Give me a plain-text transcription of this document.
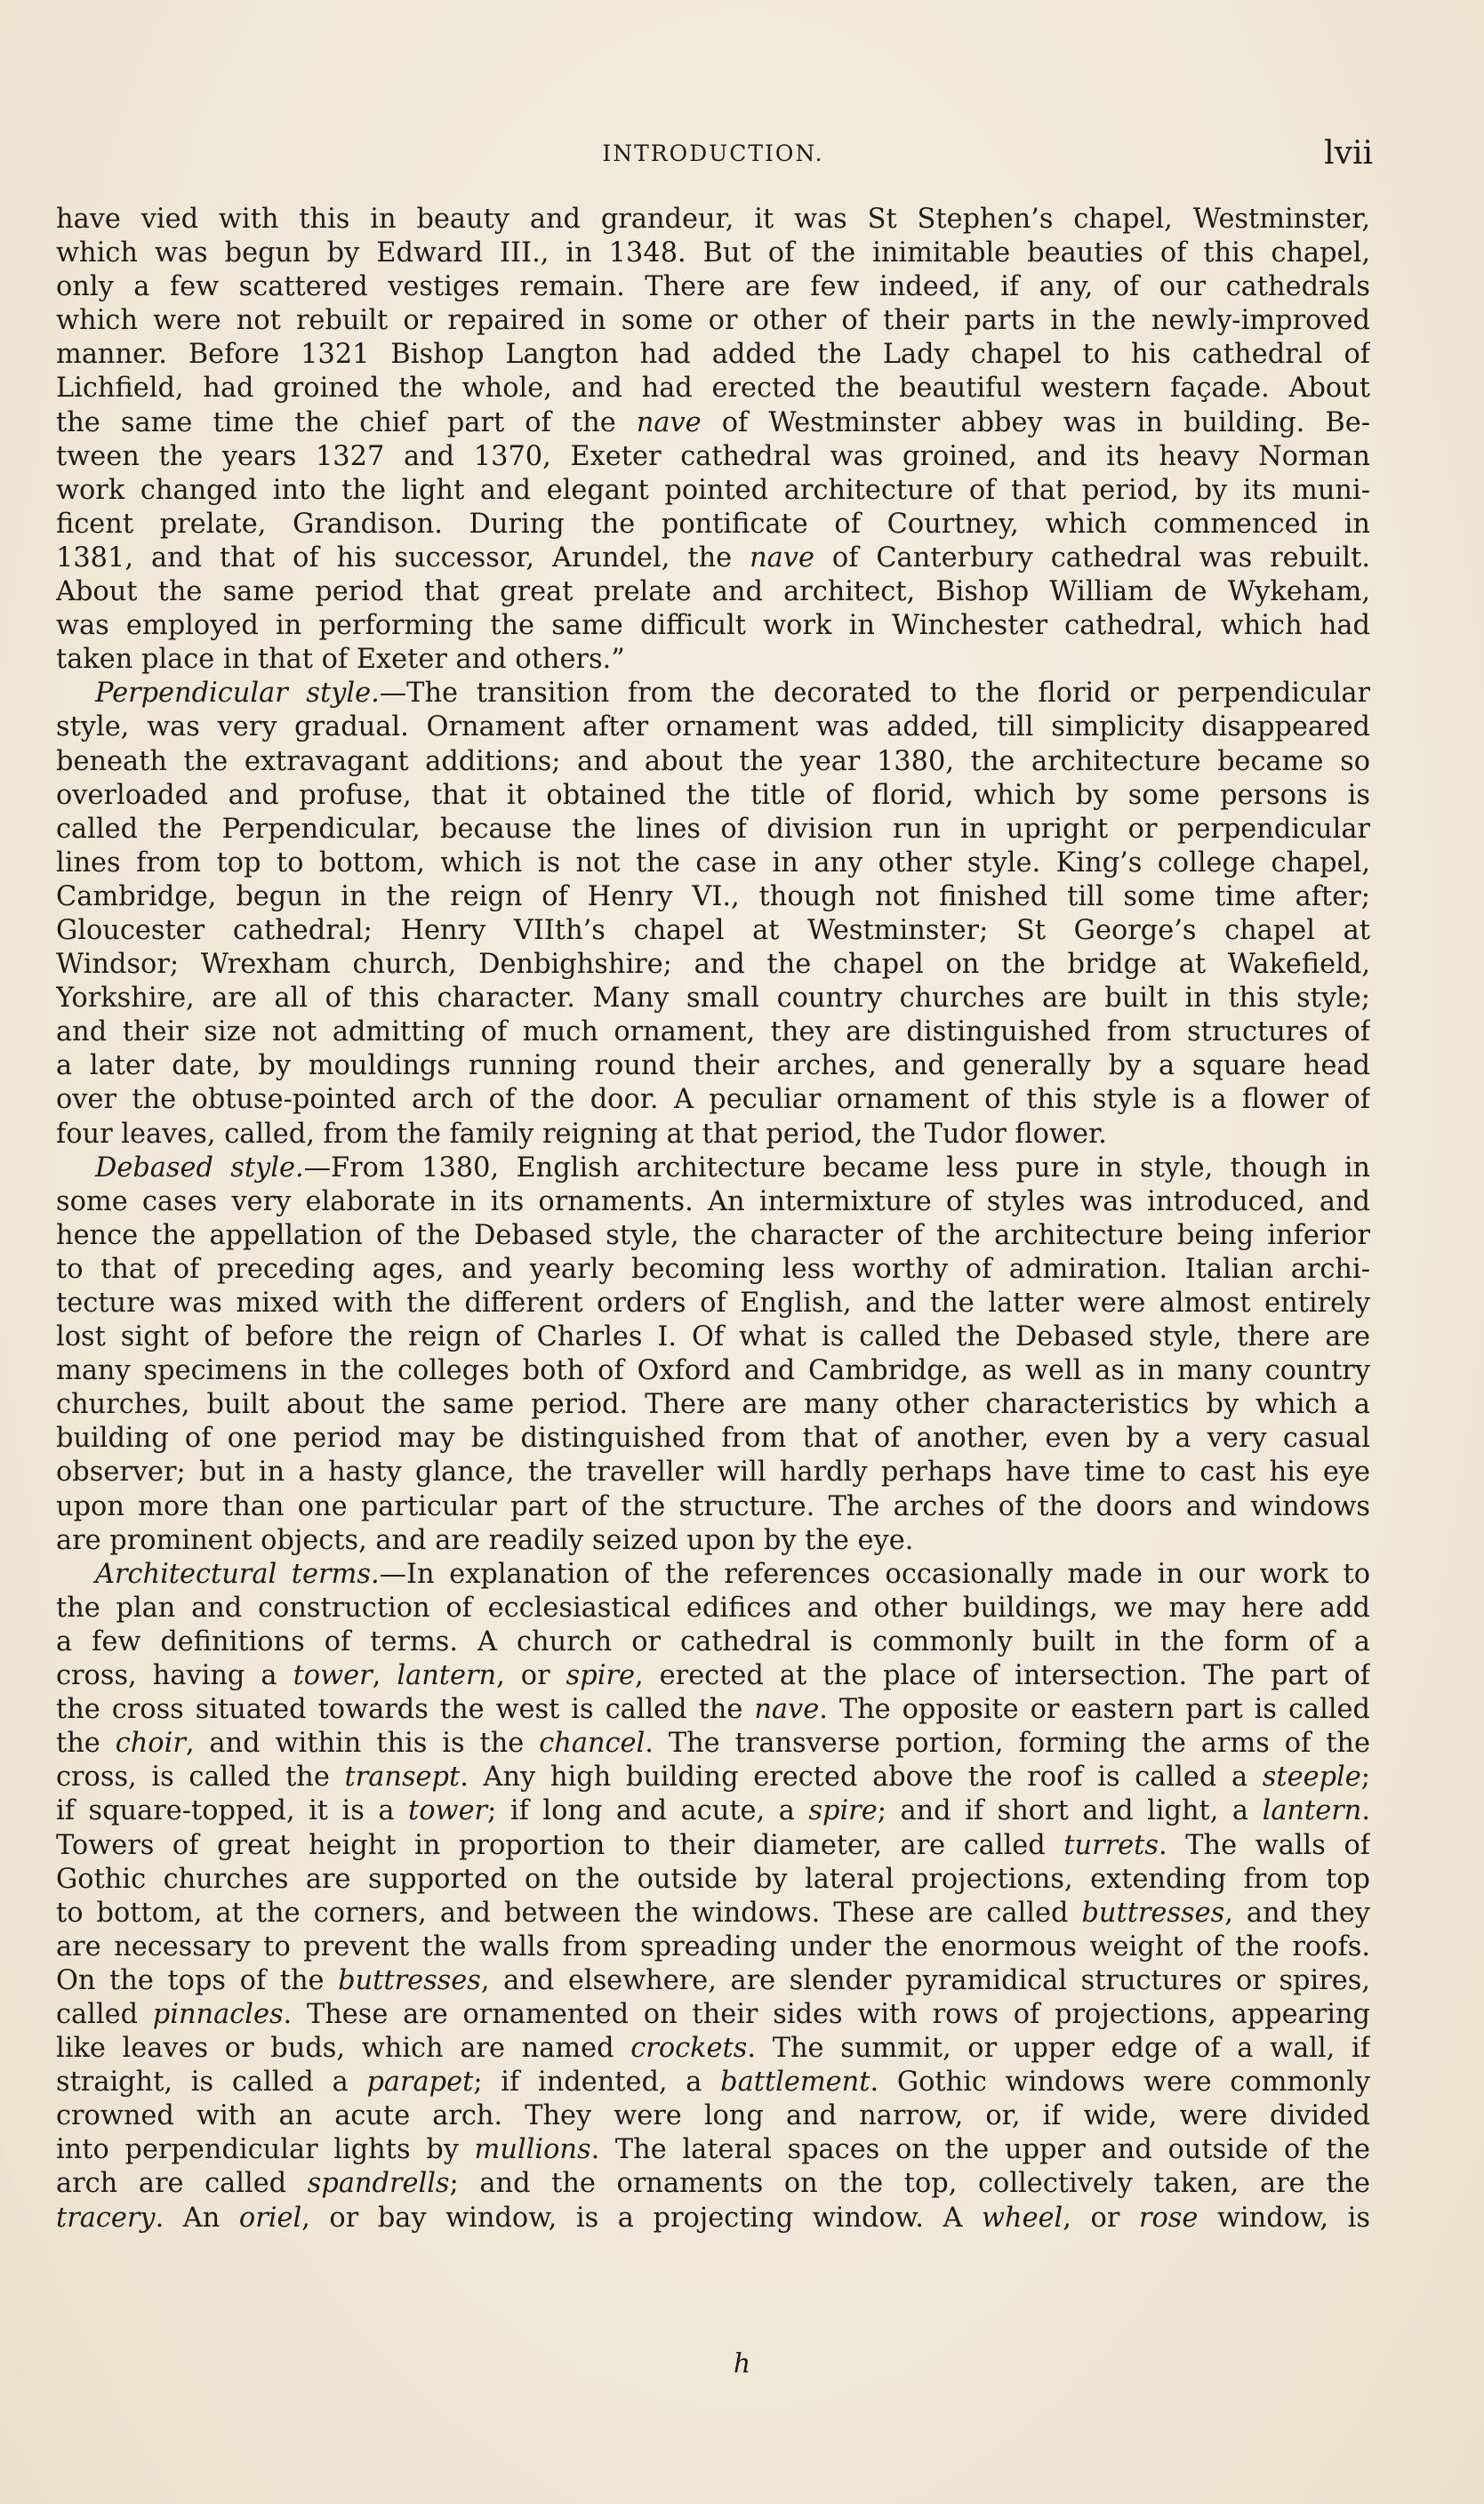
INTRODUCTION.	lvii
have vied with this in beauty and grandeur, it was St Stephen’s chapel, Westminster,
which was begun by Edward III., in 1348. But of the inimitable beauties of this chapel,
only a few scattered vestiges remain. There are few indeed, if any, of our cathedrals
which were not rebuilt or repaired in some or other of their parts in the newly-improved
manner. Before 1321 Bishop Langton had added the Lady chapel to his cathedral of
Lichfield, had groined the whole, and had erected the beautiful western façade. About
the same time the chief part of the nave of Westminster abbey was in building. Be-
tween the years 1327 and 1370, Exeter cathedral was groined, and its heavy Norman
work changed into the light and elegant pointed architecture of that period, by its muni-
ficent prelate, Grandison. During the pontificate of Courtney, which commenced in
1381, and that of his successor, Arundel, the nave of Canterbury cathedral was rebuilt.
About the same period that great prelate and architect, Bishop William de Wykeham,
was employed in performing the same difficult work in Winchester cathedral, which had
taken place in that of Exeter and others.”
Perpendicular style.—The transition from the decorated to the florid or perpendicular
style, was very gradual. Ornament after ornament was added, till simplicity disappeared
beneath the extravagant additions; and about the year 1380, the architecture became so
overloaded and profuse, that it obtained the title of florid, which by some persons is
called the Perpendicular, because the lines of division run in upright or perpendicular
lines from top to bottom, which is not the case in any other style. King’s college chapel,
Cambridge, begun in the reign of Henry VI., though not finished till some time after;
Gloucester cathedral; Henry VIIth’s chapel at Westminster; St George’s chapel at
Windsor; Wrexham church, Denbighshire; and the chapel on the bridge at Wakefield,
Yorkshire, are all of this character. Many small country churches are built in this style;
and their size not admitting of much ornament, they are distinguished from structures of
a later date, by mouldings running round their arches, and generally by a square head
over the obtuse-pointed arch of the door. A peculiar ornament of this style is a flower of
four leaves, called, from the family reigning at that period, the Tudor flower.
Debased style.—From 1380, English architecture became less pure in style, though in
some cases very elaborate in its ornaments. An intermixture of styles was introduced, and
hence the appellation of the Debased style, the character of the architecture being inferior
to that of preceding ages, and yearly becoming less worthy of admiration. Italian archi-
tecture was mixed with the different orders of English, and the latter were almost entirely
lost sight of before the reign of Charles I. Of what is called the Debased style, there are
many specimens in the colleges both of Oxford and Cambridge, as well as in many country
churches, built about the same period. There are many other characteristics by which a
building of one period may be distinguished from that of another, even by a very casual
observer; but in a hasty glance, the traveller will hardly perhaps have time to cast his eye
upon more than one particular part of the structure. The arches of the doors and windows
are prominent objects, and are readily seized upon by the eye.
Architectural terms.—In explanation of the references occasionally made in our work to
the plan and construction of ecclesiastical edifices and other buildings, we may here add
a few definitions of terms. A church or cathedral is commonly built in the form of a
cross, having a tower, lantern, or spire, erected at the place of intersection. The part of
the cross situated towards the west is called the nave. The opposite or eastern part is called
the choir, and within this is the chancel. The transverse portion, forming the arms of the
cross, is called the transept. Any high building erected above the roof is called a steeple;
if square-topped, it is a tower; if long and acute, a spire; and if short and light, a lantern.
Towers of great height in proportion to their diameter, are called turrets. The walls of
Gothic churches are supported on the outside by lateral projections, extending from top
to bottom, at the corners, and between the windows. These are called buttresses, and they
are necessary to prevent the walls from spreading under the enormous weight of the roofs.
On the tops of the buttresses, and elsewhere, are slender pyramidical structures or spires,
called pinnacles. These are ornamented on their sides with rows of projections, appearing
like leaves or buds, which are named crockets. The summit, or upper edge of a wall, if
straight, is called a parapet; if indented, a battlement. Gothic windows were commonly
crowned with an acute arch. They were long and narrow, or, if wide, were divided
into perpendicular lights by mullions. The lateral spaces on the upper and outside of the
arch are called spandrells; and the ornaments on the top, collectively taken, are the
tracery. An oriel, or bay window, is a projecting window. A wheel, or rose window, is
h
